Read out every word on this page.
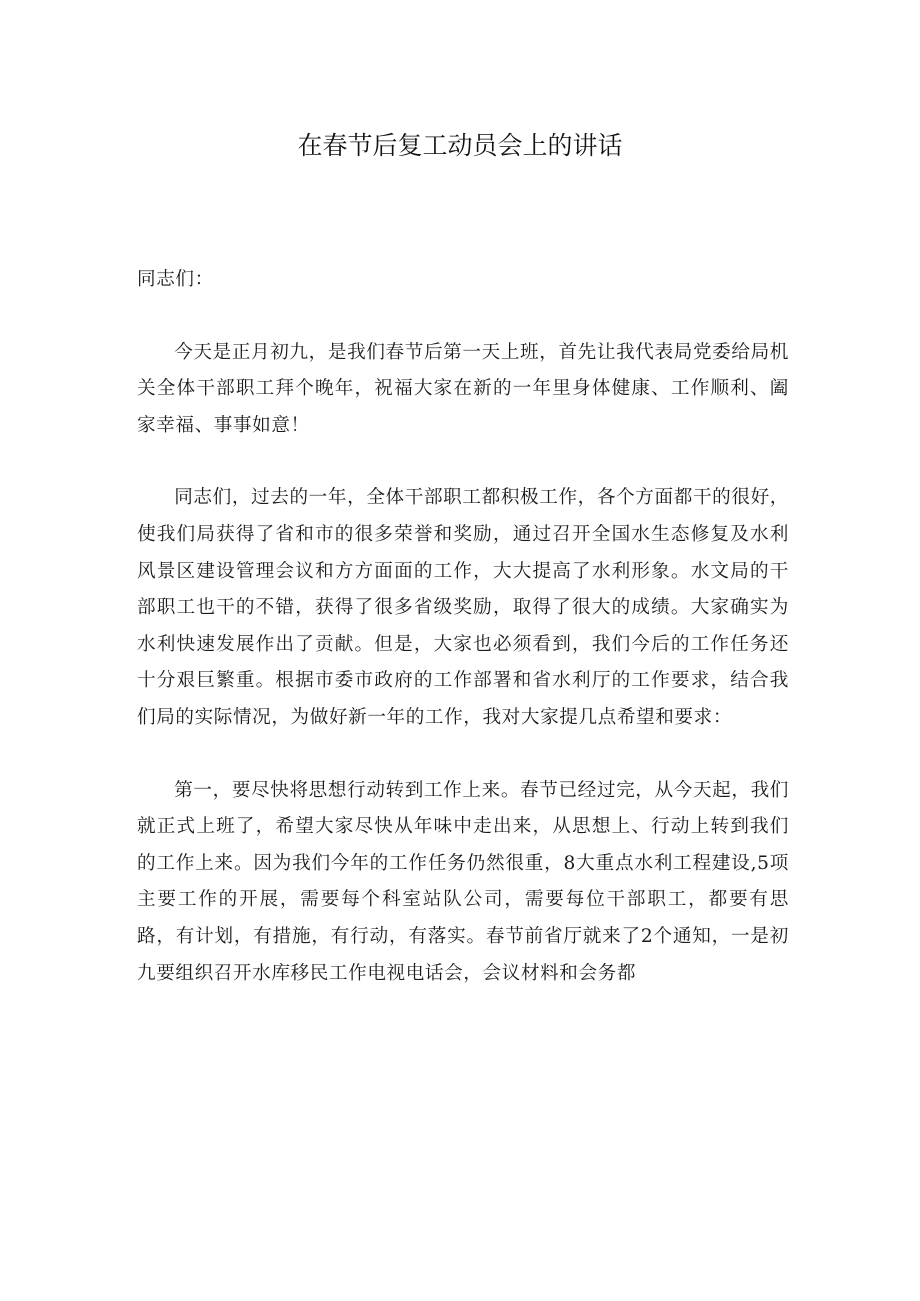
在春节后复工动员会上的讲话

同志们：

今天是正月初九，是我们春节后第一天上班，首先让我代表局党委给局机关全体干部职工拜个晚年，祝福大家在新的一年里身体健康、工作顺利、阖家幸福、事事如意！

同志们，过去的一年，全体干部职工都积极工作，各个方面都干的很好，使我们局获得了省和市的很多荣誉和奖励，通过召开全国水生态修复及水利风景区建设管理会议和方方面面的工作，大大提高了水利形象。水文局的干部职工也干的不错，获得了很多省级奖励，取得了很大的成绩。大家确实为水利快速发展作出了贡献。但是，大家也必须看到，我们今后的工作任务还十分艰巨繁重。根据市委市政府的工作部署和省水利厅的工作要求，结合我们局的实际情况，为做好新一年的工作，我对大家提几点希望和要求：

第一，要尽快将思想行动转到工作上来。春节已经过完，从今天起，我们就正式上班了，希望大家尽快从年味中走出来，从思想上、行动上转到我们的工作上来。因为我们今年的工作任务仍然很重，8大重点水利工程建设,5项主要工作的开展，需要每个科室站队公司，需要每位干部职工，都要有思路，有计划，有措施，有行动，有落实。春节前省厅就来了2个通知，一是初九要组织召开水库移民工作电视电话会，会议材料和会务都
